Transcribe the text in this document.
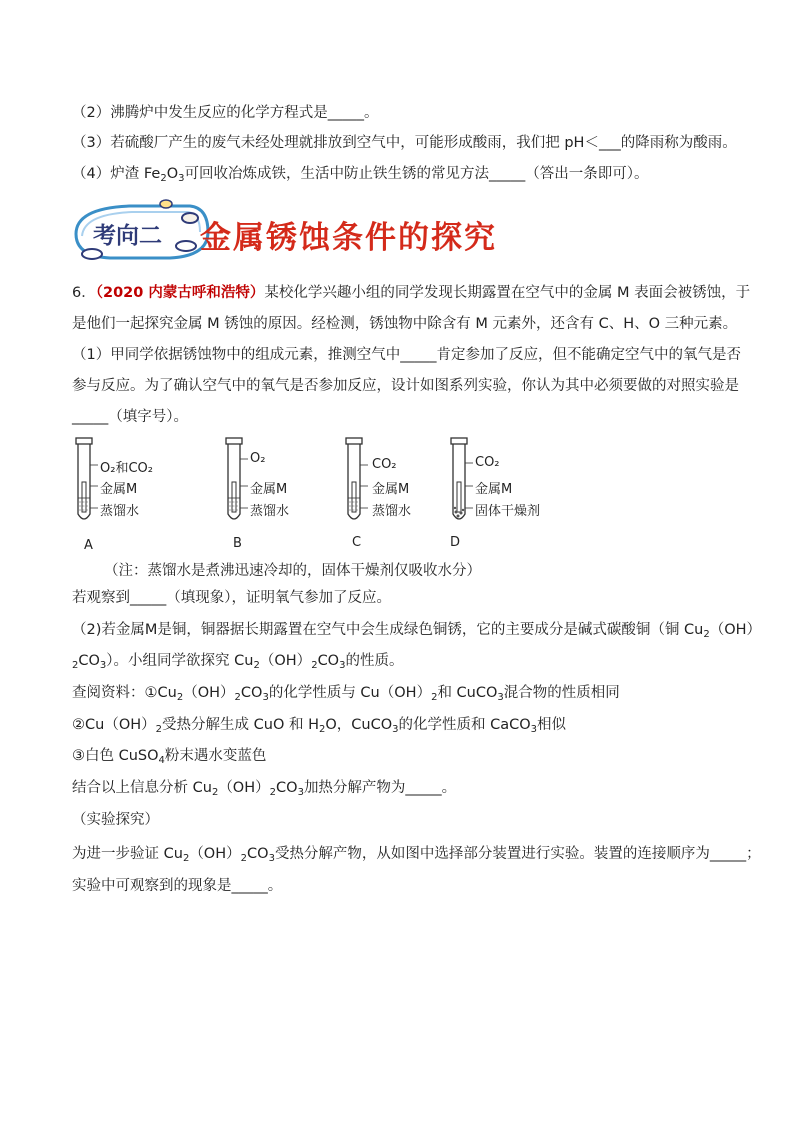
（2）沸腾炉中发生反应的化学方程式是_____。
（3）若硫酸厂产生的废气未经处理就排放到空气中，可能形成酸雨，我们把 pH＜___的降雨称为酸雨。
（4）炉渣 $Fe_2O_3$可回收冶炼成铁，生活中防止铁生锈的常见方法_____（答出一条即可）。
考向二 金属锈蚀条件的探究
6．（2020 内蒙古呼和浩特）某校化学兴趣小组的同学发现长期露置在空气中的金属 M 表面会被锈蚀，于
是他们一起探究金属 M 锈蚀的原因。经检测，锈蚀物中除含有 M 元素外，还含有 C、H、O 三种元素。
（1）甲同学依据锈蚀物中的组成元素，推测空气中_____肯定参加了反应，但不能确定空气中的氧气是否
参与反应。为了确认空气中的氧气是否参加反应，设计如图系列实验，你认为其中必须要做的对照实验是
_____（填字号）。
O₂和CO₂
金属M
蒸馏水
A
O₂
金属M
蒸馏水
B
CO₂
金属M
蒸馏水
C
CO₂
金属M
固体干燥剂
D
（注：蒸馏水是煮沸迅速冷却的，固体干燥剂仅吸收水分）
若观察到_____（填现象），证明氧气参加了反应。
（2)若金属M是铜，铜器据长期露置在空气中会生成绿色铜锈，它的主要成分是碱式碳酸铜（铜 $Cu_2(OH)$
$_2CO_3$）。小组同学欲探究 $Cu_2(OH)_2CO_3$的性质。
查阅资料：$①Cu_2(OH)_2CO_3$的化学性质与 $Cu(OH)_2$和 CuCO$_3$混合物的性质相同
$②Cu(OH)_2$受热分解生成 CuO 和 $H_2O$，CuCO$_3$的化学性质和 CaCO$_3$相似
③白色 CuSO$_4$粉末遇水变蓝色
结合以上信息分析 $Cu_2(OH)_2CO_3$加热分解产物为_____。
（实验探究）
为进一步验证 $Cu_2(OH)_2CO_3$受热分解产物，从如图中选择部分装置进行实验。装置的连接顺序为_____；
实验中可观察到的现象是_____。
